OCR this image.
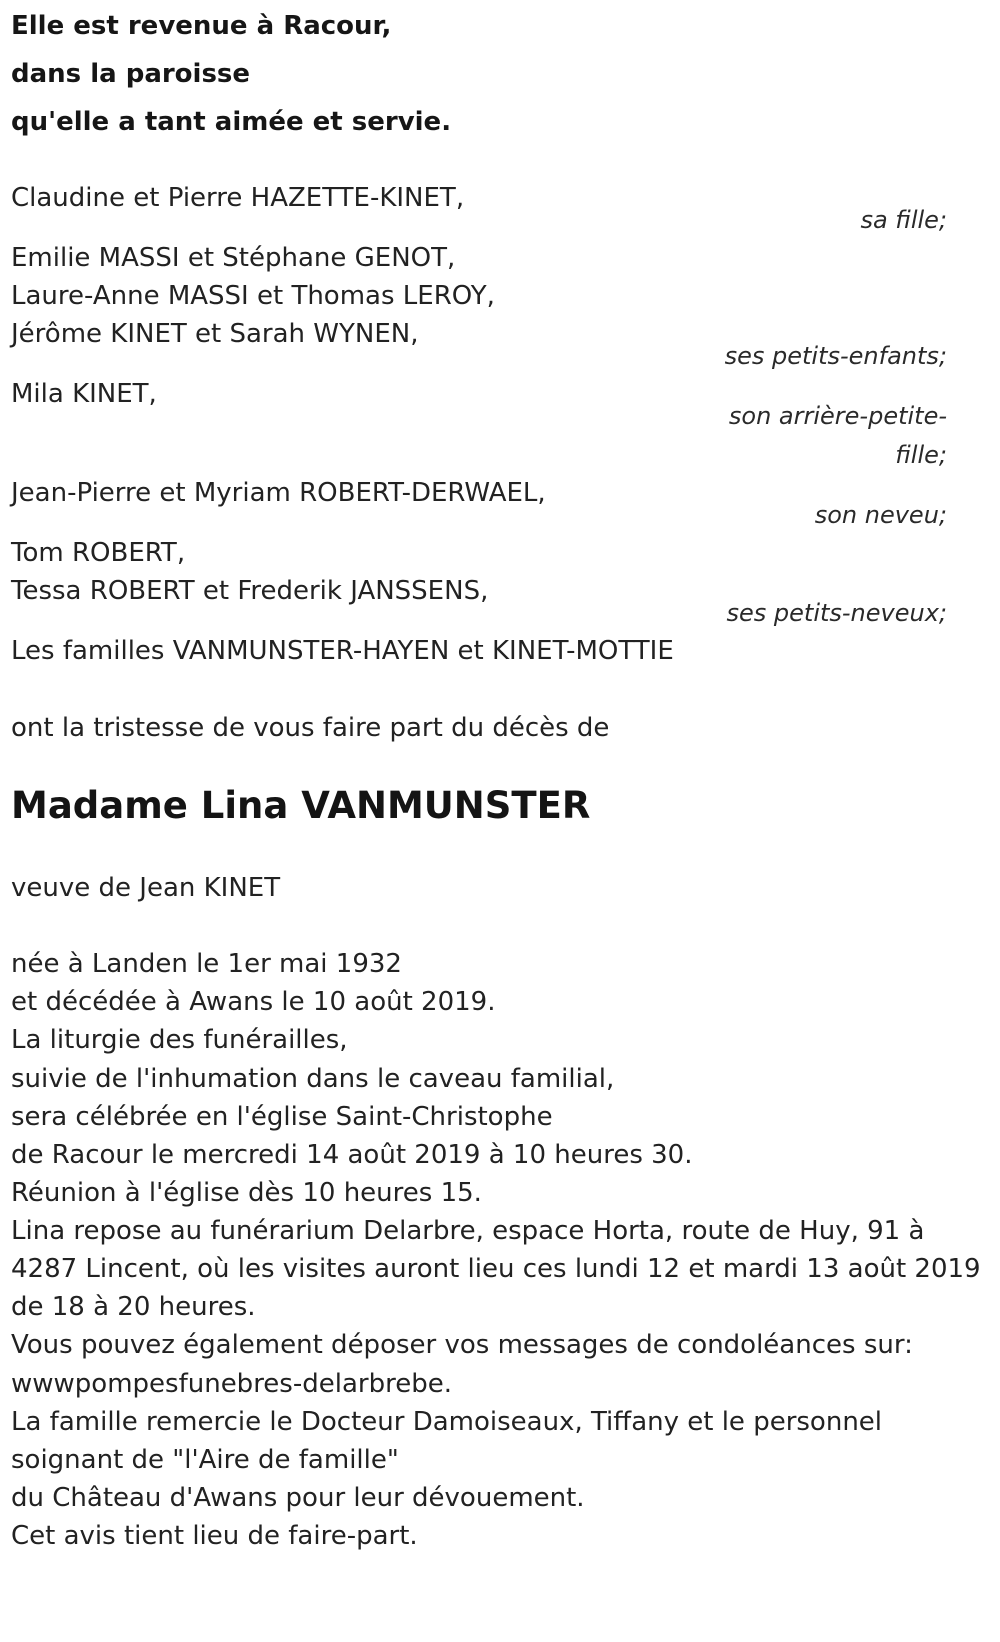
Elle est revenue à Racour,
dans la paroisse
qu'elle a tant aimée et servie.
Claudine et Pierre HAZETTE-KINET,
sa fille;
Emilie MASSI et Stéphane GENOT,
Laure-Anne MASSI et Thomas LEROY,
Jérôme KINET et Sarah WYNEN,
ses petits-enfants;
Mila KINET,
son arrière-petite-
fille;
Jean-Pierre et Myriam ROBERT-DERWAEL,
son neveu;
Tom ROBERT,
Tessa ROBERT et Frederik JANSSENS,
ses petits-neveux;
Les familles VANMUNSTER-HAYEN et KINET-MOTTIE
ont la tristesse de vous faire part du décès de
Madame Lina VANMUNSTER
veuve de Jean KINET
née à Landen le 1er mai 1932
et décédée à Awans le 10 août 2019.
La liturgie des funérailles,
suivie de l'inhumation dans le caveau familial,
sera célébrée en l'église Saint-Christophe
de Racour le mercredi 14 août 2019 à 10 heures 30.
Réunion à l'église dès 10 heures 15.
Lina repose au funérarium Delarbre, espace Horta, route de Huy, 91 à
4287 Lincent, où les visites auront lieu ces lundi 12 et mardi 13 août 2019
de 18 à 20 heures.
Vous pouvez également déposer vos messages de condoléances sur:
wwwpompesfunebres-delarbrebe.
La famille remercie le Docteur Damoiseaux, Tiffany et le personnel
soignant de "l'Aire de famille"
du Château d'Awans pour leur dévouement.
Cet avis tient lieu de faire-part.
